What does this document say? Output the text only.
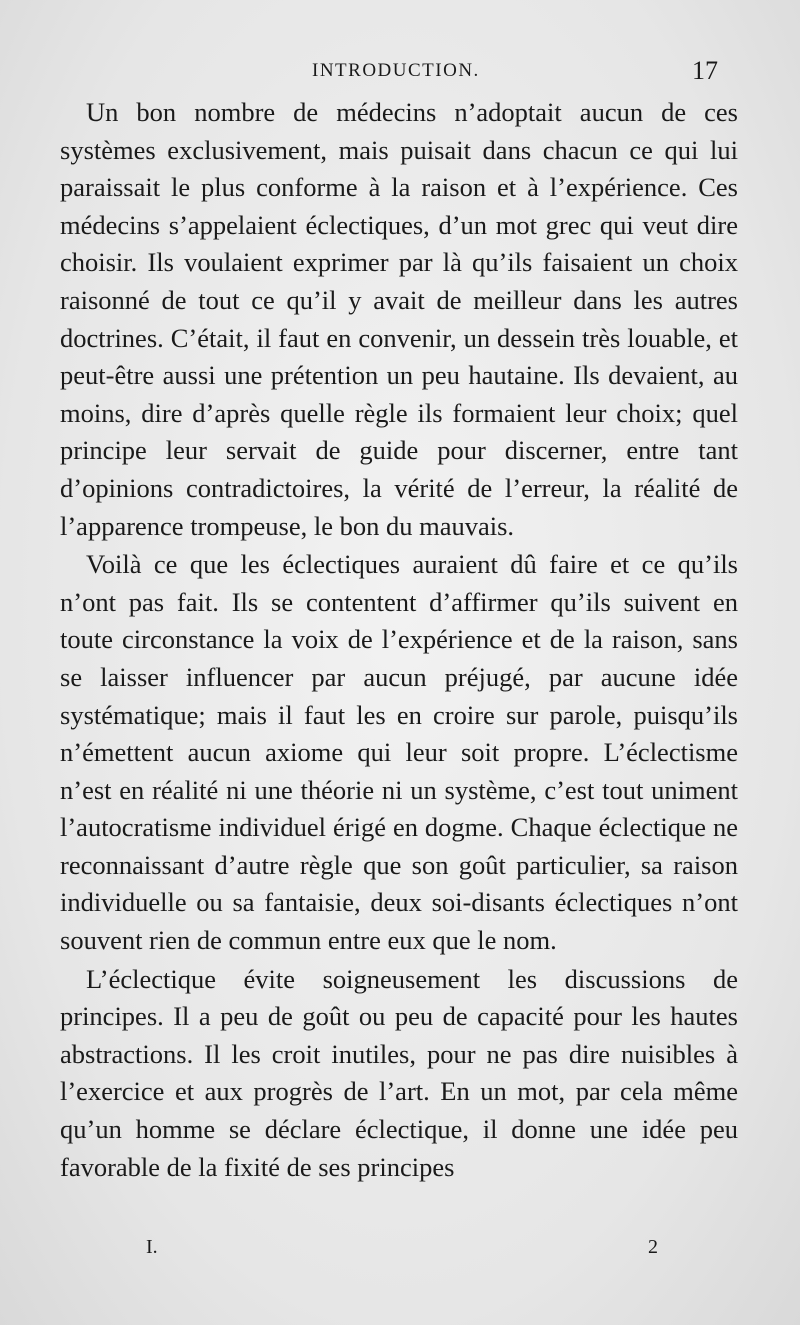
INTRODUCTION.	17

Un bon nombre de médecins n’adoptait aucun de ces systèmes exclusivement, mais puisait dans chacun ce qui lui paraissait le plus conforme à la raison et à l’expérience. Ces médecins s’appelaient éclectiques, d’un mot grec qui veut dire choisir. Ils voulaient exprimer par là qu’ils faisaient un choix raisonné de tout ce qu’il y avait de meilleur dans les autres doctrines. C’était, il faut en convenir, un dessein très louable, et peut-être aussi une prétention un peu hautaine. Ils devaient, au moins, dire d’après quelle règle ils formaient leur choix; quel principe leur servait de guide pour discerner, entre tant d’opinions contradictoires, la vérité de l’erreur, la réalité de l’apparence trompeuse, le bon du mauvais.

Voilà ce que les éclectiques auraient dû faire et ce qu’ils n’ont pas fait. Ils se contentent d’affirmer qu’ils suivent en toute circonstance la voix de l’expérience et de la raison, sans se laisser influencer par aucun préjugé, par aucune idée systématique; mais il faut les en croire sur parole, puisqu’ils n’émettent aucun axiome qui leur soit propre. L’éclectisme n’est en réalité ni une théorie ni un système, c’est tout uniment l’autocratisme individuel érigé en dogme. Chaque éclectique ne reconnaissant d’autre règle que son goût particulier, sa raison individuelle ou sa fantaisie, deux soi-disants éclectiques n’ont souvent rien de commun entre eux que le nom.

L’éclectique évite soigneusement les discussions de principes. Il a peu de goût ou peu de capacité pour les hautes abstractions. Il les croit inutiles, pour ne pas dire nuisibles à l’exercice et aux progrès de l’art. En un mot, par cela même qu’un homme se déclare éclectique, il donne une idée peu favorable de la fixité de ses principes

I.	2
